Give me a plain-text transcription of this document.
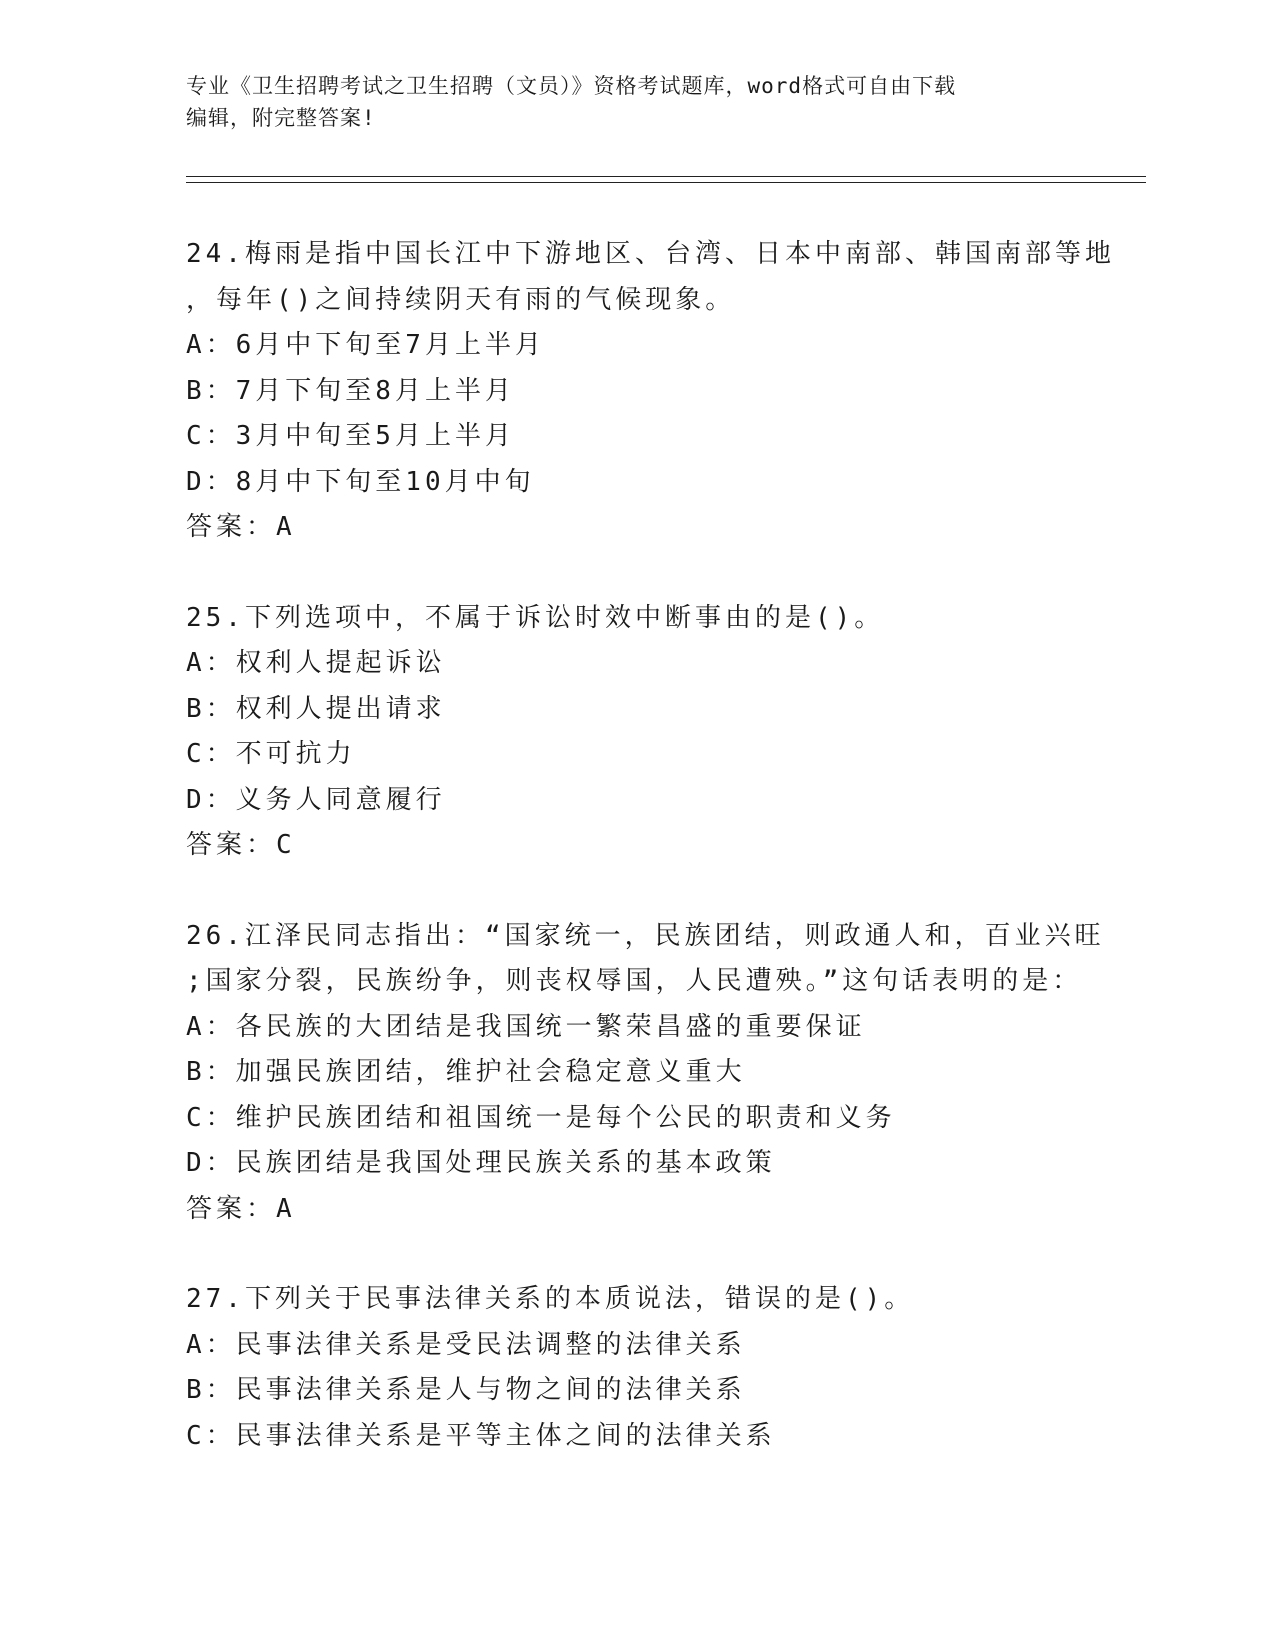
专业《卫生招聘考试之卫生招聘（文员）》资格考试题库，word格式可自由下载
编辑，附完整答案!
24.梅雨是指中国长江中下游地区、台湾、日本中南部、韩国南部等地
，每年()之间持续阴天有雨的气候现象。
A：6月中下旬至7月上半月
B：7月下旬至8月上半月
C：3月中旬至5月上半月
D：8月中下旬至10月中旬
答案：A
25.下列选项中，不属于诉讼时效中断事由的是()。
A：权利人提起诉讼
B：权利人提出请求
C：不可抗力
D：义务人同意履行
答案：C
26.江泽民同志指出：“国家统一，民族团结，则政通人和，百业兴旺
;国家分裂，民族纷争，则丧权辱国，人民遭殃。”这句话表明的是：
A：各民族的大团结是我国统一繁荣昌盛的重要保证
B：加强民族团结，维护社会稳定意义重大
C：维护民族团结和祖国统一是每个公民的职责和义务
D：民族团结是我国处理民族关系的基本政策
答案：A
27.下列关于民事法律关系的本质说法，错误的是()。
A：民事法律关系是受民法调整的法律关系
B：民事法律关系是人与物之间的法律关系
C：民事法律关系是平等主体之间的法律关系
